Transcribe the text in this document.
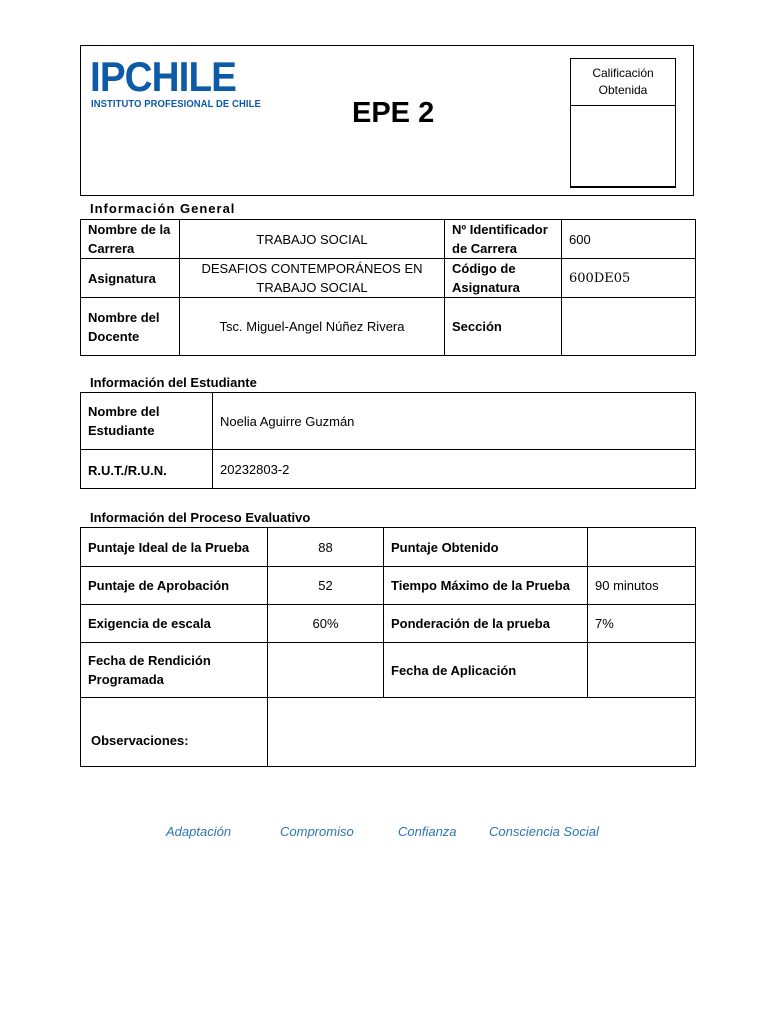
IPCHILE
INSTITUTO PROFESIONAL DE CHILE	EPE 2
Calificación
Obtenida
Información General
Nombre de la Carrera	TRABAJO SOCIAL	Nº Identificador de Carrera	600
Asignatura	DESAFIOS CONTEMPORÁNEOS EN TRABAJO SOCIAL	Código de Asignatura	600DE05
Nombre del Docente	Tsc. Miguel-Angel Núñez Rivera	Sección	
Información del Estudiante
Nombre del Estudiante	Noelia Aguirre Guzmán
R.U.T./R.U.N.	20232803-2
Información del Proceso Evaluativo
Puntaje Ideal de la Prueba	88	Puntaje Obtenido	
Puntaje de Aprobación	52	Tiempo Máximo de la Prueba	90 minutos
Exigencia de escala	60%	Ponderación de la prueba	7%
Fecha de Rendición Programada		Fecha de Aplicación	
Observaciones:			
Adaptación	Compromiso	Confianza Consciencia Social
